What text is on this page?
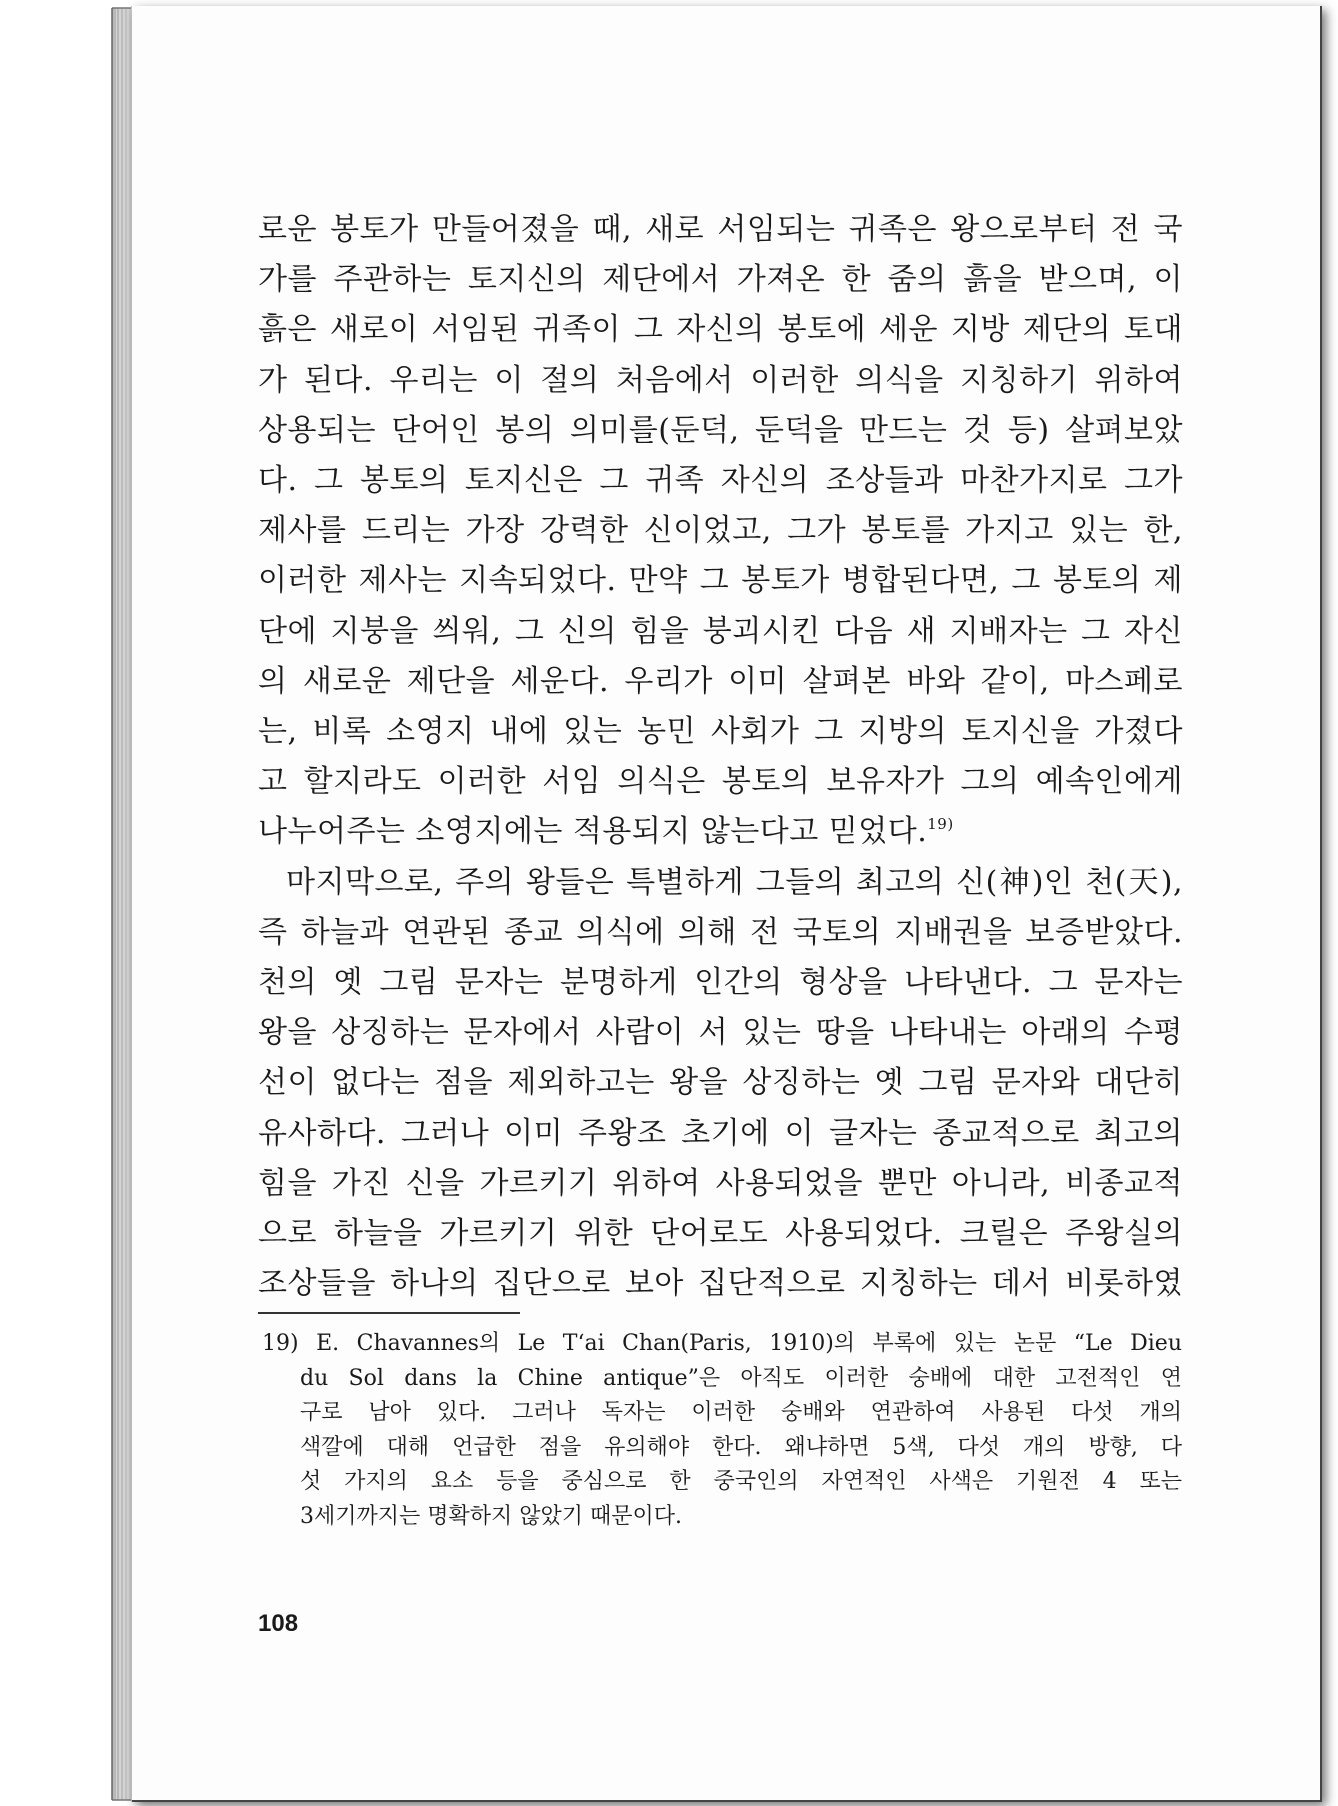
로운 봉토가 만들어졌을 때, 새로 서임되는 귀족은 왕으로부터 전 국
가를 주관하는 토지신의 제단에서 가져온 한 줌의 흙을 받으며, 이
흙은 새로이 서임된 귀족이 그 자신의 봉토에 세운 지방 제단의 토대
가 된다. 우리는 이 절의 처음에서 이러한 의식을 지칭하기 위하여
상용되는 단어인 봉의 의미를(둔덕, 둔덕을 만드는 것 등) 살펴보았
다. 그 봉토의 토지신은 그 귀족 자신의 조상들과 마찬가지로 그가
제사를 드리는 가장 강력한 신이었고, 그가 봉토를 가지고 있는 한,
이러한 제사는 지속되었다. 만약 그 봉토가 병합된다면, 그 봉토의 제
단에 지붕을 씌워, 그 신의 힘을 붕괴시킨 다음 새 지배자는 그 자신
의 새로운 제단을 세운다. 우리가 이미 살펴본 바와 같이, 마스페로
는, 비록 소영지 내에 있는 농민 사회가 그 지방의 토지신을 가졌다
고 할지라도 이러한 서임 의식은 봉토의 보유자가 그의 예속인에게
나누어주는 소영지에는 적용되지 않는다고 믿었다.$^{19)}$
마지막으로, 주의 왕들은 특별하게 그들의 최고의 신(神)인 천(天),
즉 하늘과 연관된 종교 의식에 의해 전 국토의 지배권을 보증받았다.
천의 옛 그림 문자는 분명하게 인간의 형상을 나타낸다. 그 문자는
왕을 상징하는 문자에서 사람이 서 있는 땅을 나타내는 아래의 수평
선이 없다는 점을 제외하고는 왕을 상징하는 옛 그림 문자와 대단히
유사하다. 그러나 이미 주왕조 초기에 이 글자는 종교적으로 최고의
힘을 가진 신을 가르키기 위하여 사용되었을 뿐만 아니라, 비종교적
으로 하늘을 가르키기 위한 단어로도 사용되었다. 크릴은 주왕실의
조상들을 하나의 집단으로 보아 집단적으로 지칭하는 데서 비롯하였
19) E. Chavannes의 Le T‘ai Chan(Paris, 1910)의 부록에 있는 논문 “Le Dieu
du Sol dans la Chine antique”은 아직도 이러한 숭배에 대한 고전적인 연
구로 남아 있다. 그러나 독자는 이러한 숭배와 연관하여 사용된 다섯 개의
색깔에 대해 언급한 점을 유의해야 한다. 왜냐하면 5색, 다섯 개의 방향, 다
섯 가지의 요소 등을 중심으로 한 중국인의 자연적인 사색은 기원전 4 또는
3세기까지는 명확하지 않았기 때문이다.
108
